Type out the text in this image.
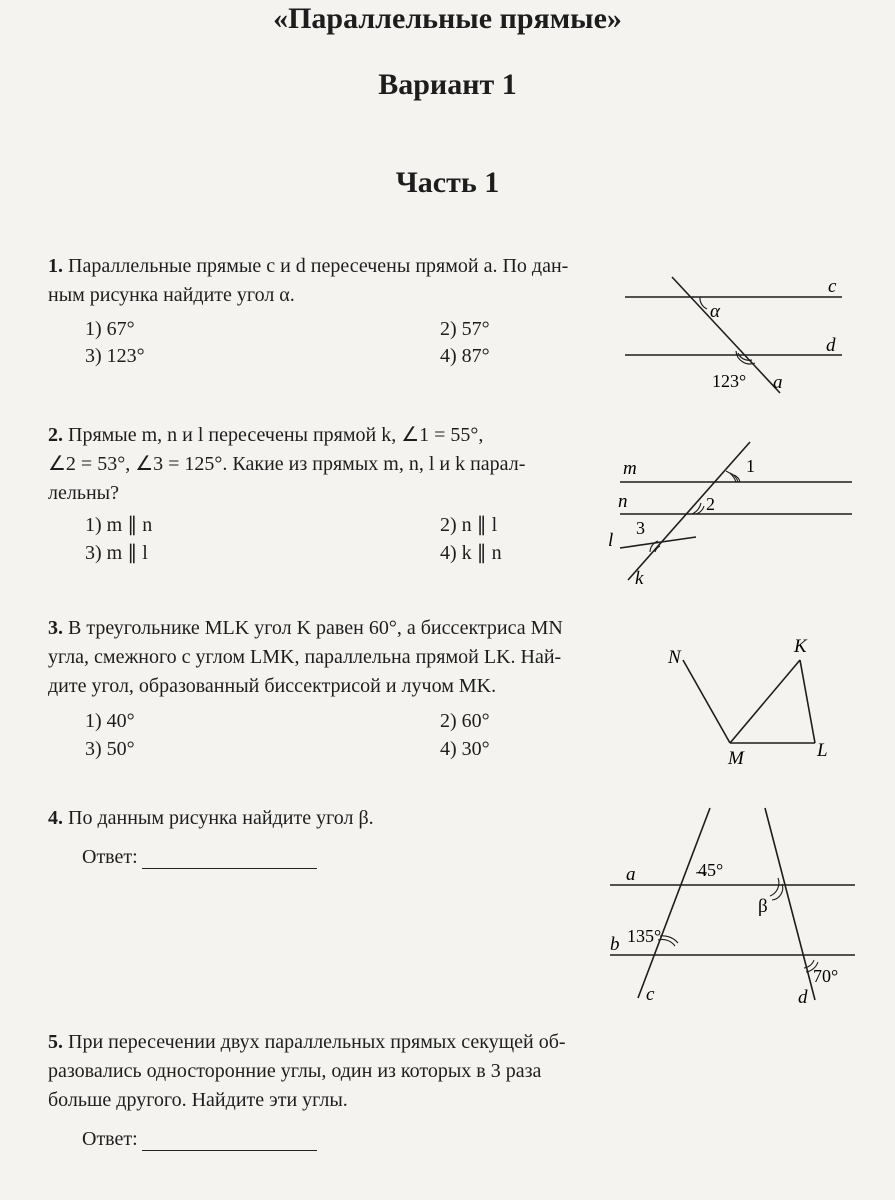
«Параллельные прямые»
Вариант 1
Часть 1
1. Параллельные прямые c и d пересечены прямой a. По дан-
ным рисунка найдите угол α.
1) 67°	2) 57°
3) 123°	4) 87°
c
d
a
α
123°
2. Прямые m, n и l пересечены прямой k, ∠1 = 55°,
∠2 = 53°, ∠3 = 125°. Какие из прямых m, n, l и k парал-
лельны?
1) m ∥ n	2) n ∥ l
3) m ∥ l	4) k ∥ n
m
n
l
k
1
2
3
3. В треугольнике MLK угол K равен 60°, а биссектриса MN
угла, смежного с углом LMK, параллельна прямой LK. Най-
дите угол, образованный биссектрисой и лучом MK.
1) 40°	2) 60°
3) 50°	4) 30°
N
K
M	L
4. По данным рисунка найдите угол β.
Ответ:
a
b
c	d
45°
β
135°
70°
5. При пересечении двух параллельных прямых секущей об-
разовались односторонние углы, один из которых в 3 раза
больше другого. Найдите эти углы.
Ответ:
